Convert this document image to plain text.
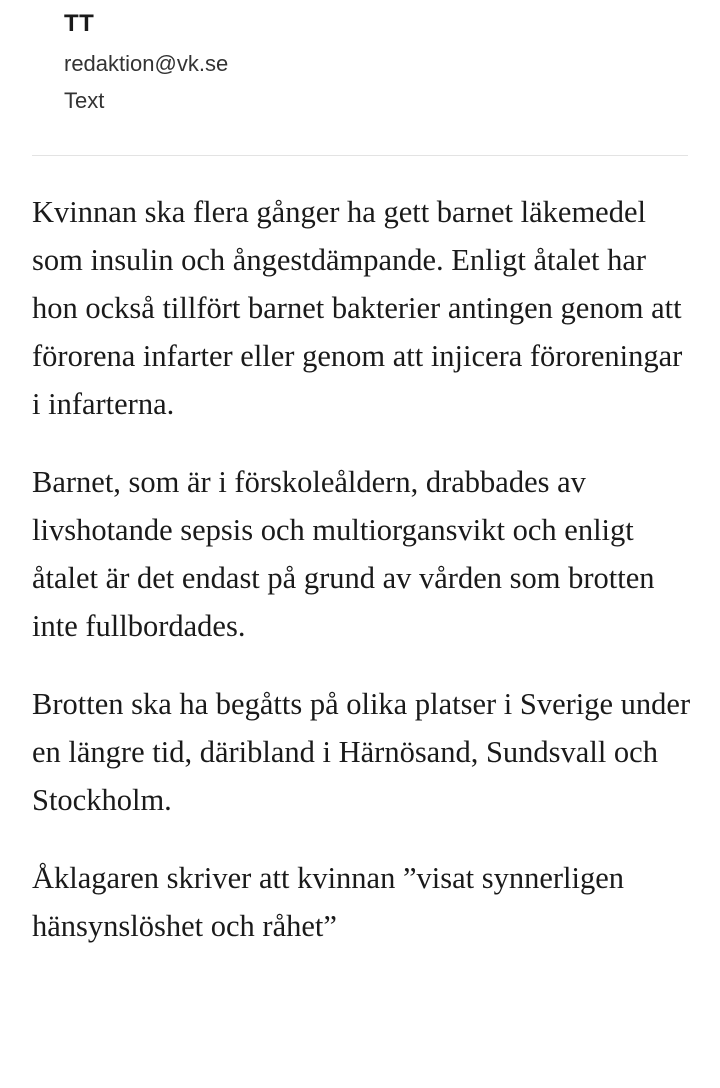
TT
redaktion@vk.se
Text

Kvinnan ska flera gånger ha gett barnet läkemedel som insulin och ångestdämpande. Enligt åtalet har hon också tillfört barnet bakterier antingen genom att förorena infarter eller genom att injicera föroreningar i infarterna.

Barnet, som är i förskoleåldern, drabbades av livshotande sepsis och multiorgansvikt och enligt åtalet är det endast på grund av vården som brotten inte fullbordades.

Brotten ska ha begåtts på olika platser i Sverige under en längre tid, däribland i Härnösand, Sundsvall och Stockholm.

Åklagaren skriver att kvinnan ”visat synnerligen hänsynslöshet och råhet”
